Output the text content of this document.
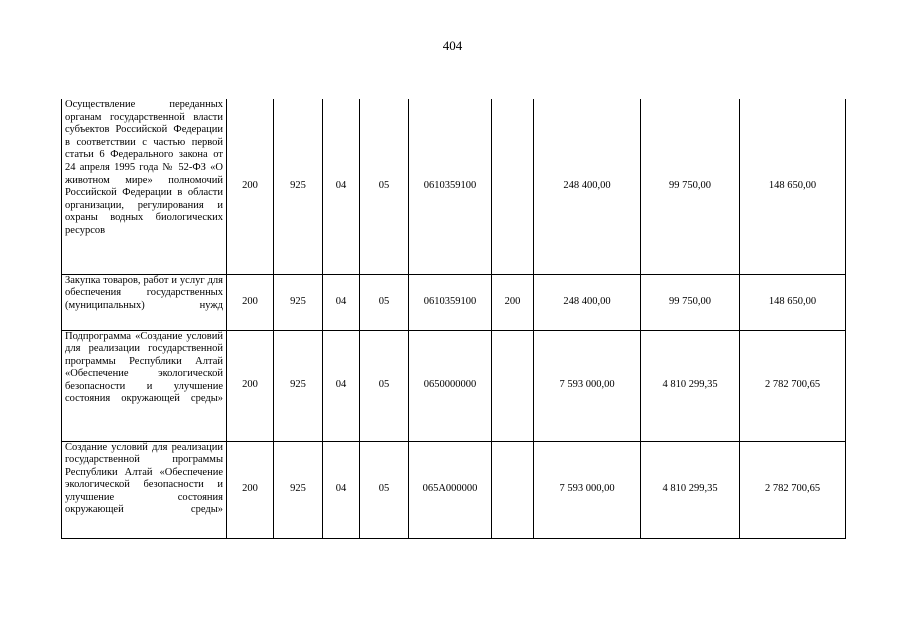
404
Осуществление переданных органам государственной власти субъектов Российской Федерации в соответствии с частью первой статьи 6 Федерального закона от 24 апреля 1995 года № 52-ФЗ «О животном мире» полномочий Российской Федерации в области организации, регулирования и охраны водных биологических ресурсов	200	925	04	05	0610359100		248 400,00	99 750,00	148 650,00
Закупка товаров, работ и услуг для обеспечения государственных (муниципальных) нужд	200	925	04	05	0610359100	200	248 400,00	99 750,00	148 650,00
Подпрограмма «Создание условий для реализации государственной программы Республики Алтай «Обеспечение экологической безопасности и улучшение состояния окружающей среды»	200	925	04	05	0650000000		7 593 000,00	4 810 299,35	2 782 700,65
Создание условий для реализации государственной программы Республики Алтай «Обеспечение экологической безопасности и улучшение состояния окружающей среды»	200	925	04	05	065А000000		7 593 000,00	4 810 299,35	2 782 700,65
